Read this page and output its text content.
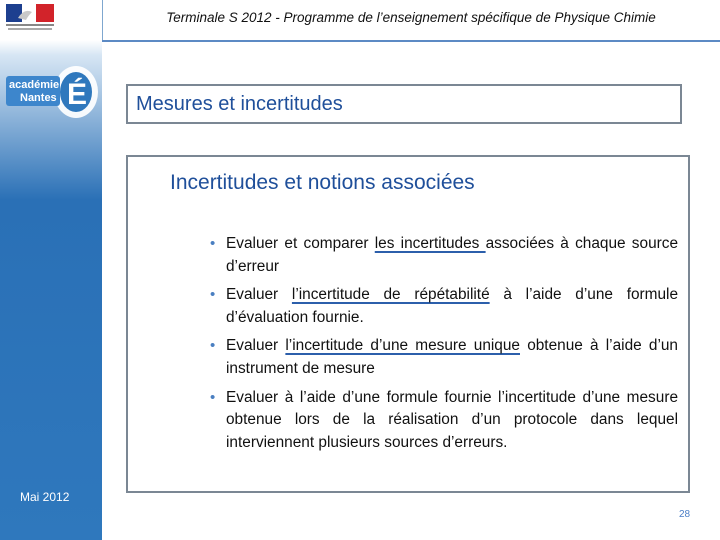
É
académie
Nantes
Terminale S 2012 - Programme de l’enseignement spécifique de Physique Chimie
Mesures et incertitudes
Incertitudes et notions associées
• Evaluer et comparer les incertitudes associées à chaque source d’erreur
• Evaluer l’incertitude de répétabilité à l’aide d’une formule d’évaluation fournie.
• Evaluer l’incertitude d’une mesure unique obtenue à l’aide d’un instrument de mesure
• Evaluer à l’aide d’une formule fournie l’incertitude d’une mesure obtenue lors de la réalisation d’un protocole dans lequel interviennent plusieurs sources d’erreurs.
Mai 2012
28
